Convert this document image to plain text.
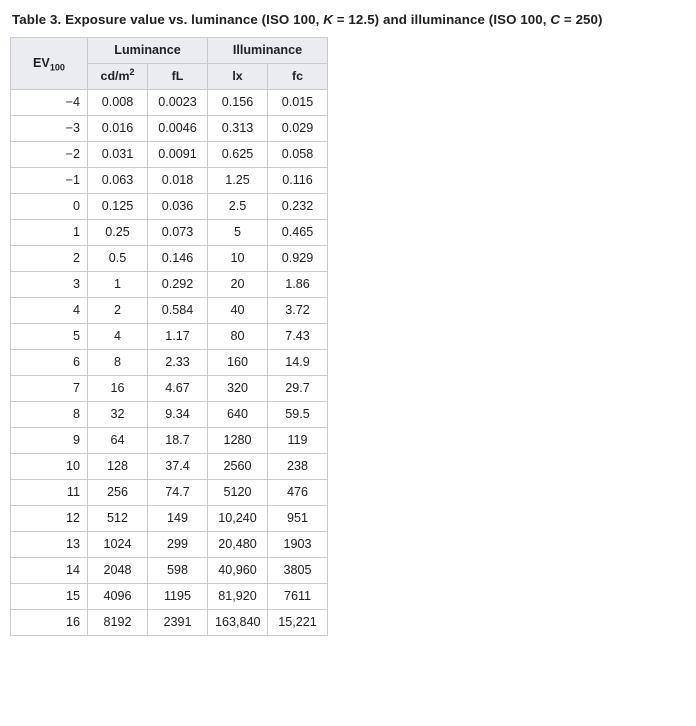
Table 3. Exposure value vs. luminance (ISO 100, K = 12.5) and illuminance (ISO 100, C = 250)
$EV_{100}$	Luminance		Illuminance	
	$cd/m^2$	fL	lx	fc
−4	0.008	0.0023	0.156	0.015
−3	0.016	0.0046	0.313	0.029
−2	0.031	0.0091	0.625	0.058
−1	0.063	0.018	1.25	0.116
0	0.125	0.036	2.5	0.232
1	0.25	0.073	5	0.465
2	0.5	0.146	10	0.929
3	1	0.292	20	1.86
4	2	0.584	40	3.72
5	4	1.17	80	7.43
6	8	2.33	160	14.9
7	16	4.67	320	29.7
8	32	9.34	640	59.5
9	64	18.7	1280	119
10	128	37.4	2560	238
11	256	74.7	5120	476
12	512	149	10,240	951
13	1024	299	20,480	1903
14	2048	598	40,960	3805
15	4096	1195	81,920	7611
16	8192	2391	163,840	15,221
